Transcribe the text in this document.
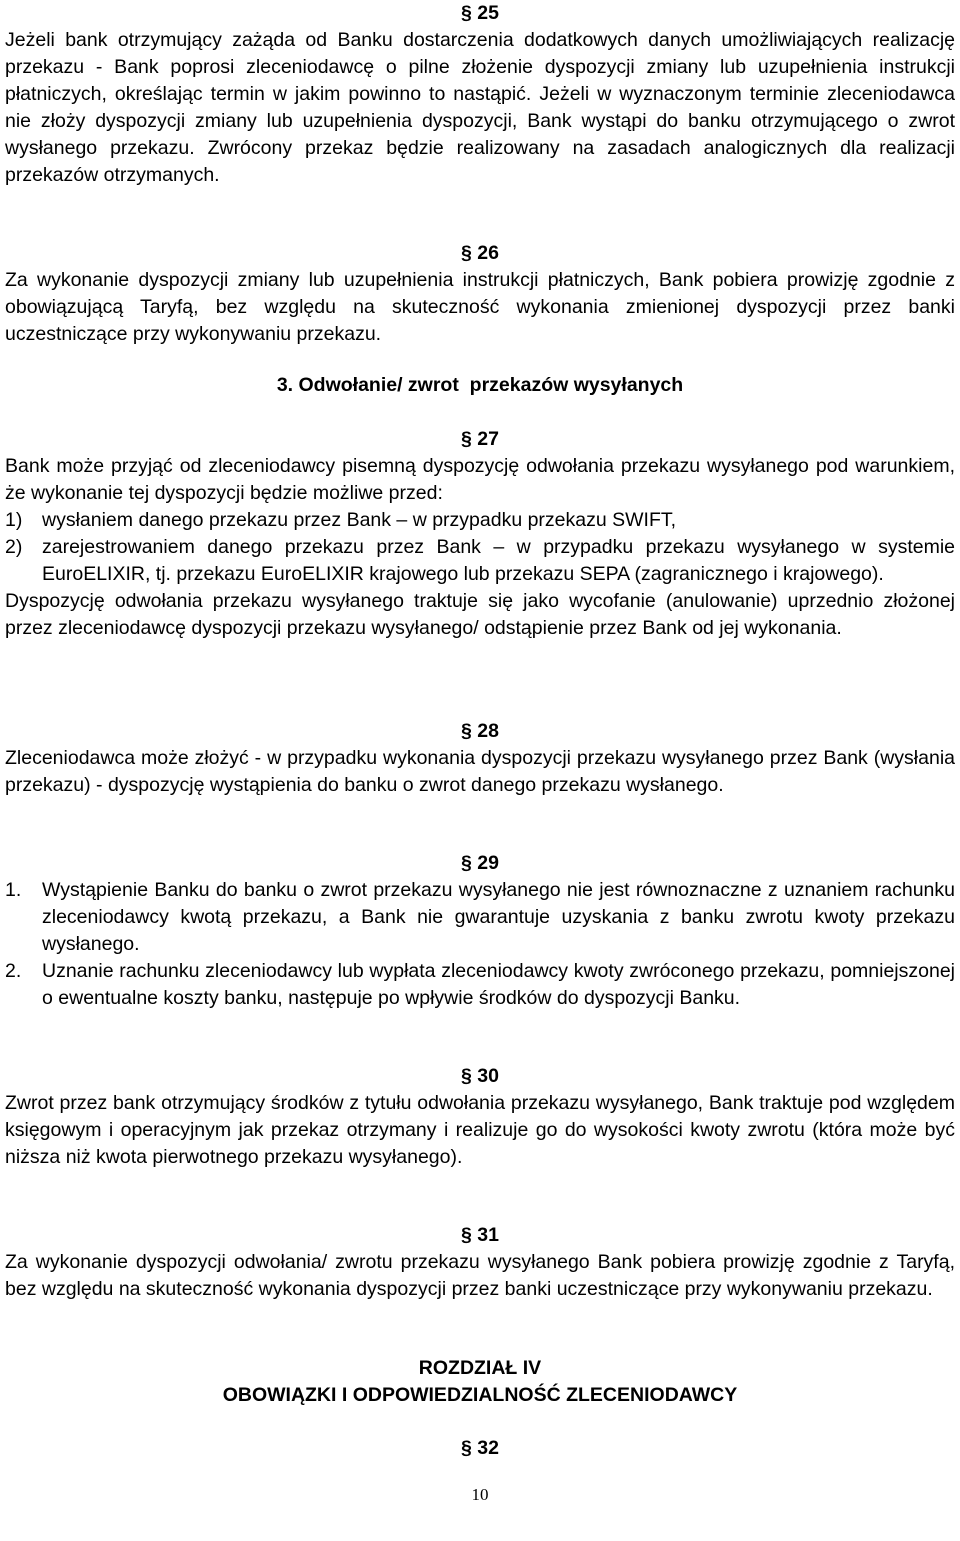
§ 25

Jeżeli bank otrzymujący zażąda od Banku dostarczenia dodatkowych danych umożliwiających realizację przekazu - Bank poprosi zleceniodawcę o pilne złożenie dyspozycji zmiany lub uzupełnienia instrukcji płatniczych, określając termin w jakim powinno to nastąpić. Jeżeli w wyznaczonym terminie zleceniodawca nie złoży dyspozycji zmiany lub uzupełnienia dyspozycji, Bank wystąpi do banku otrzymującego o zwrot wysłanego przekazu. Zwrócony przekaz będzie realizowany na zasadach analogicznych dla realizacji przekazów otrzymanych.

§ 26

Za wykonanie dyspozycji zmiany lub uzupełnienia instrukcji płatniczych, Bank pobiera prowizję zgodnie z obowiązującą Taryfą, bez względu na skuteczność wykonania zmienionej dyspozycji przez banki uczestniczące przy wykonywaniu przekazu.

3. Odwołanie/ zwrot  przekazów wysyłanych

§ 27

Bank może przyjąć od zleceniodawcy pisemną dyspozycję odwołania przekazu wysyłanego pod warunkiem, że wykonanie tej dyspozycji będzie możliwe przed:

1)	wysłaniem danego przekazu przez Bank – w przypadku przekazu SWIFT,
2)	zarejestrowaniem danego przekazu przez Bank – w przypadku przekazu wysyłanego w systemie EuroELIXIR, tj. przekazu EuroELIXIR krajowego lub przekazu SEPA (zagranicznego i krajowego).

Dyspozycję odwołania przekazu wysyłanego traktuje się jako wycofanie (anulowanie) uprzednio złożonej przez zleceniodawcę dyspozycji przekazu wysyłanego/ odstąpienie przez Bank od jej wykonania.

§ 28

Zleceniodawca może złożyć - w przypadku wykonania dyspozycji przekazu wysyłanego przez Bank (wysłania przekazu) - dyspozycję wystąpienia do banku o zwrot danego przekazu wysłanego.

§ 29

1.	Wystąpienie Banku do banku o zwrot przekazu wysyłanego nie jest równoznaczne z uznaniem rachunku zleceniodawcy kwotą przekazu, a Bank nie gwarantuje uzyskania z banku zwrotu kwoty przekazu wysłanego.
2.	Uznanie rachunku zleceniodawcy lub wypłata zleceniodawcy kwoty zwróconego przekazu, pomniejszonej o ewentualne koszty banku, następuje po wpływie środków do dyspozycji Banku.

§ 30

Zwrot przez bank otrzymujący środków z tytułu odwołania przekazu wysyłanego, Bank traktuje pod względem księgowym i operacyjnym jak przekaz otrzymany i realizuje go do wysokości kwoty zwrotu (która może być niższa niż kwota pierwotnego przekazu wysyłanego).

§ 31

Za wykonanie dyspozycji odwołania/ zwrotu przekazu wysyłanego Bank pobiera prowizję zgodnie z Taryfą, bez względu na skuteczność wykonania dyspozycji przez banki uczestniczące przy wykonywaniu przekazu.

ROZDZIAŁ IV

OBOWIĄZKI I ODPOWIEDZIALNOŚĆ ZLECENIODAWCY

§ 32

10
